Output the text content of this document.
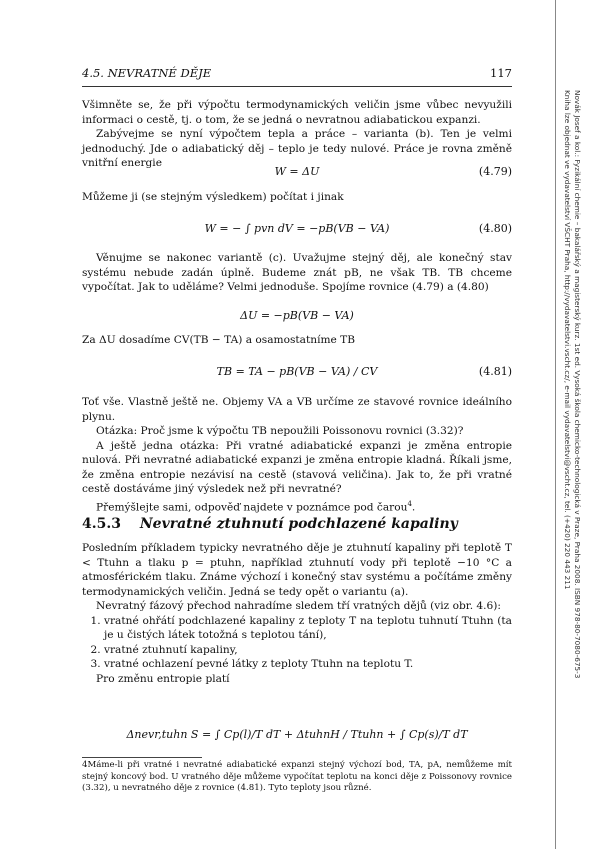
4.5. NEVRATNÉ DĚJE	117

Všimněte se, že při výpočtu termodynamických veličin jsme vůbec nevyužili informaci o cestě, tj. o tom, že se jedná o nevratnou adiabatickou expanzi.

Zabývejme se nyní výpočtem tepla a práce – varianta (b). Ten je velmi jednoduchý. Jde o adiabatický děj – teplo je tedy nulové. Práce je rovna změně vnitřní energie

W = ΔU	(4.79)

Můžeme ji (se stejným výsledkem) počítat i jinak

W = − ∫ pvn dV = −pB(VB − VA)	(4.80)

Věnujme se nakonec variantě (c). Uvažujme stejný děj, ale konečný stav systému nebude zadán úplně. Budeme znát pB, ne však TB. TB chceme vypočítat. Jak to uděláme? Velmi jednoduše. Spojíme rovnice (4.79) a (4.80)

ΔU = −pB(VB − VA)

Za ΔU dosadíme CV(TB − TA) a osamostatníme TB

TB = TA − pB(VB − VA) / CV	(4.81)

Toť vše. Vlastně ještě ne. Objemy VA a VB určíme ze stavové rovnice ideálního plynu.

Otázka: Proč jsme k výpočtu TB nepoužili Poissonovu rovnici (3.32)?

A ještě jedna otázka: Při vratné adiabatické expanzi je změna entropie nulová. Při nevratné adiabatické expanzi je změna entropie kladná. Říkali jsme, že změna entropie nezávisí na cestě (stavová veličina). Jak to, že při vratné cestě dostáváme jiný výsledek než při nevratné?

Přemýšlejte sami, odpověď najdete v poznámce pod čarou$^4$.

4.5.3 Nevratné ztuhnutí podchlazené kapaliny

Posledním příkladem typicky nevratného děje je ztuhnutí kapaliny při teplotě T < Ttuhn a tlaku p = ptuhn, například ztuhnutí vody při teplotě −10 °C a atmosférickém tlaku. Známe výchozí i konečný stav systému a počítáme změny termodynamických veličin. Jedná se tedy opět o variantu (a).

Nevratný fázový přechod nahradíme sledem tří vratných dějů (viz obr. 4.6):

1. vratné ohřátí podchlazené kapaliny z teploty T na teplotu tuhnutí Ttuhn (ta je u čistých látek totožná s teplotou tání),
2. vratné ztuhnutí kapaliny,
3. vratné ochlazení pevné látky z teploty Ttuhn na teplotu T.

Pro změnu entropie platí

Δnevr,tuhn S = ∫ Cp(l)/T dT + ΔtuhnH / Ttuhn + ∫ Cp(s)/T dT
4Máme-li při vratné i nevratné adiabatické expanzi stejný výchozí bod, TA, pA, nemůžeme mít stejný koncový bod. U vratného děje můžeme vypočítat teplotu na konci děje z Poissonovy rovnice (3.32), u nevratného děje z rovnice (4.81). Tyto teploty jsou různé.
Novák Josef a kol.: Fyzikální chemie – bakalářský a magisterský kurz. 1st ed. Vysoká škola chemicko-technologická v Praze, Praha 2008. ISBN 978-80-7080-675-3
Kniha lze objednat ve vydavatelství VŠCHT Praha, http://vydavatelstvi.vscht.cz/, e-mail vydavatelstvi@vscht.cz, tel. (+420) 220 443 211
